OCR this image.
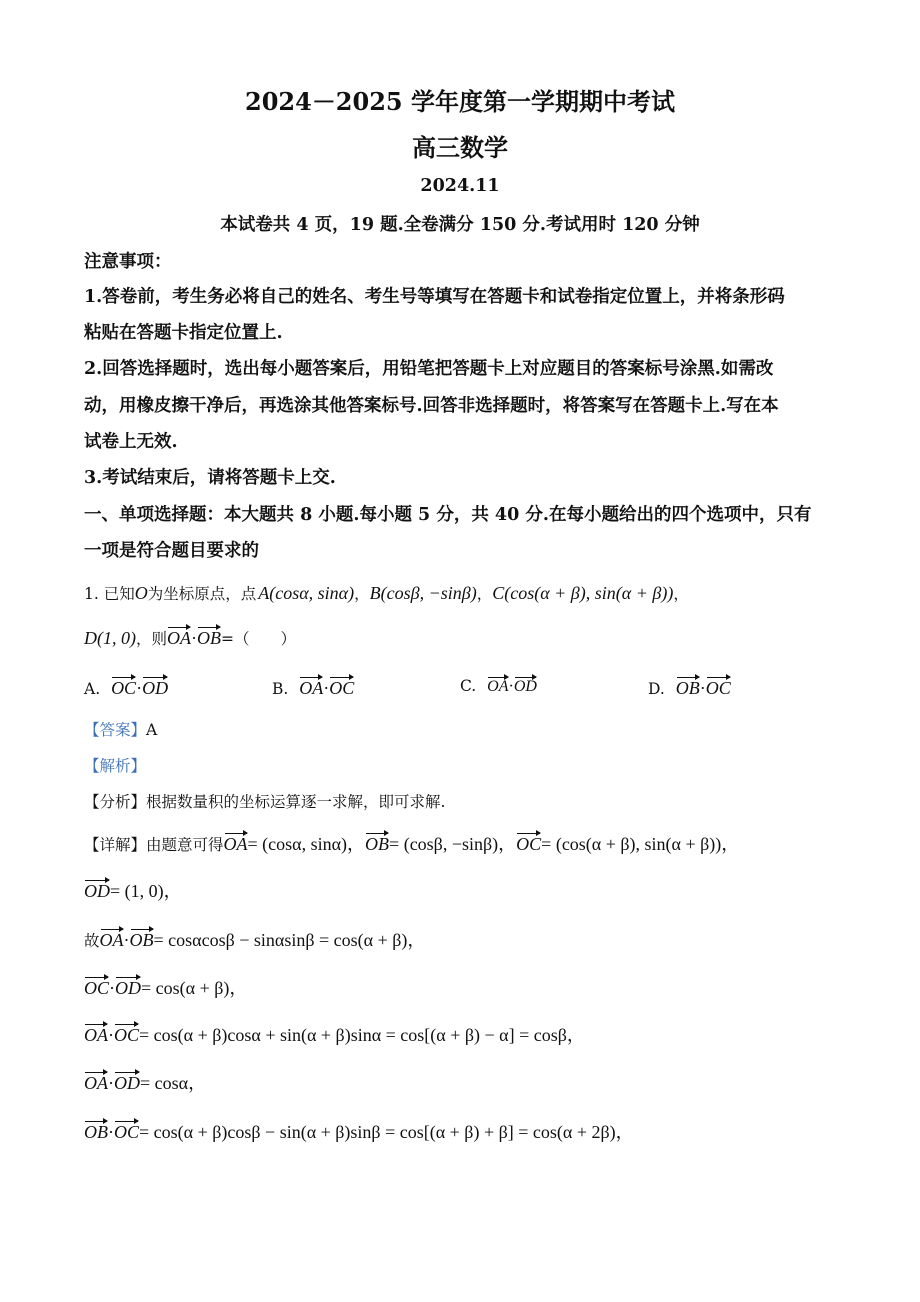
2024－2025 学年度第一学期期中考试
高三数学
2024.11
本试卷共 4 页，19 题.全卷满分 150 分.考试用时 120 分钟
注意事项：
1.答卷前，考生务必将自己的姓名、考生号等填写在答题卡和试卷指定位置上，并将条形码
粘贴在答题卡指定位置上.
2.回答选择题时，选出每小题答案后，用铅笔把答题卡上对应题目的答案标号涂黑.如需改
动，用橡皮擦干净后，再选涂其他答案标号.回答非选择题时，将答案写在答题卡上.写在本
试卷上无效.
3.考试结束后，请将答题卡上交.
一、单项选择题：本大题共 8 小题.每小题 5 分，共 40 分.在每小题给出的四个选项中，只有
一项是符合题目要求的
1. 已知O为坐标原点，点 A(cosα, sinα)，B(cosβ, −sinβ)，C(cos(α + β), sin(α + β))，
D(1, 0)，则OA·OB=（　　）
A. OC·OD	B. OA·OC	C. OA·OD	D. OB·OC
【答案】A
【解析】
【分析】根据数量积的坐标运算逐一求解，即可求解.
【详解】由题意可得OA= (cosα, sinα)，OB= (cosβ, −sinβ)，OC= (cos(α + β), sin(α + β))，
OD= (1, 0)，
故OA·OB= cosαcosβ − sinαsinβ = cos(α + β)，
OC·OD= cos(α + β)，
OA·OC= cos(α + β)cosα + sin(α + β)sinα = cos[(α + β) − α] = cosβ，
OA·OD= cosα，
OB·OC= cos(α + β)cosβ − sin(α + β)sinβ = cos[(α + β) + β] = cos(α + 2β)，
